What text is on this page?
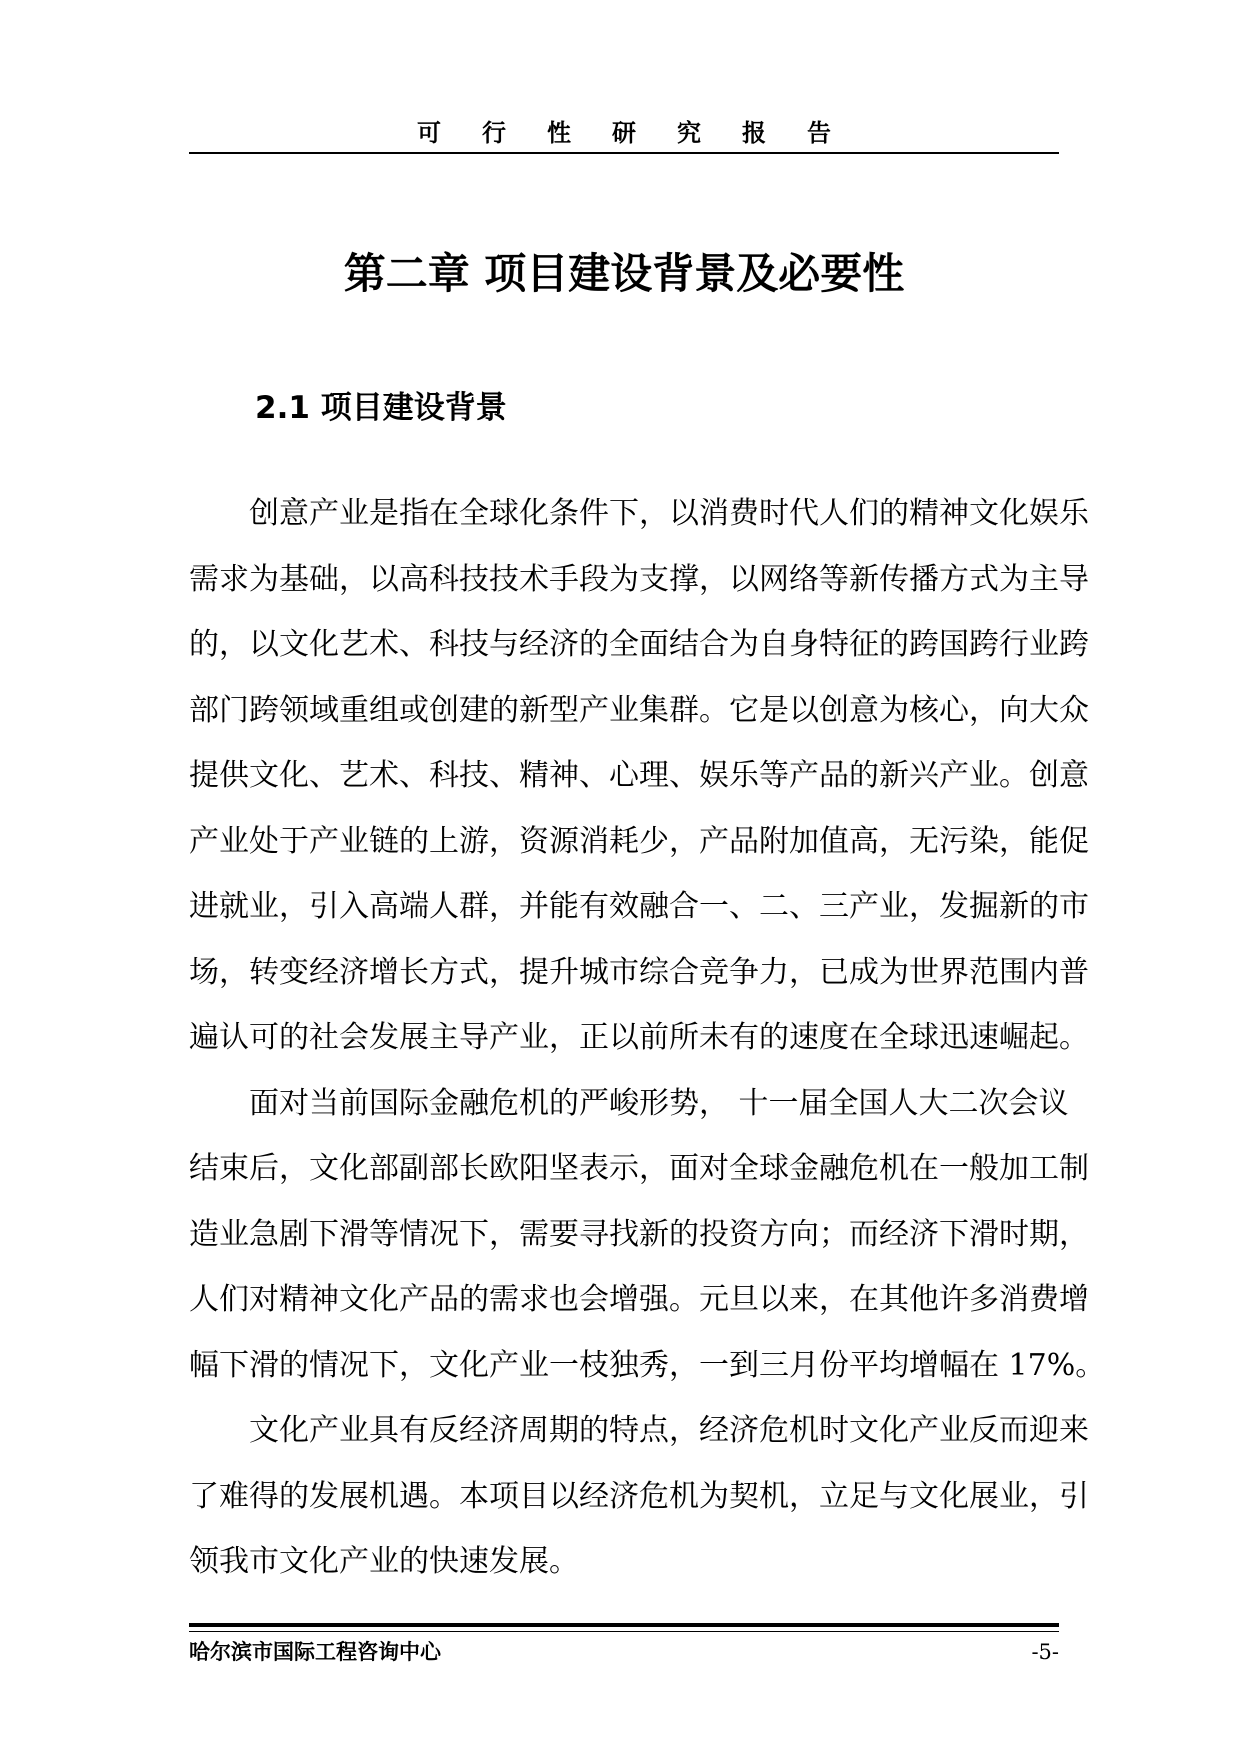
可行性研究报告
第二章 项目建设背景及必要性
2.1 项目建设背景
创意产业是指在全球化条件下，以消费时代人们的精神文化娱乐
需求为基础，以高科技技术手段为支撑，以网络等新传播方式为主导
的，以文化艺术、科技与经济的全面结合为自身特征的跨国跨行业跨
部门跨领域重组或创建的新型产业集群。它是以创意为核心，向大众
提供文化、艺术、科技、精神、心理、娱乐等产品的新兴产业。创意
产业处于产业链的上游，资源消耗少，产品附加值高，无污染，能促
进就业，引入高端人群，并能有效融合一、二、三产业，发掘新的市
场，转变经济增长方式，提升城市综合竞争力，已成为世界范围内普
遍认可的社会发展主导产业，正以前所未有的速度在全球迅速崛起。
面对当前国际金融危机的严峻形势， 十一届全国人大二次会议
结束后，文化部副部长欧阳坚表示，面对全球金融危机在一般加工制
造业急剧下滑等情况下，需要寻找新的投资方向；而经济下滑时期，
人们对精神文化产品的需求也会增强。元旦以来，在其他许多消费增
幅下滑的情况下，文化产业一枝独秀，一到三月份平均增幅在 17%。
文化产业具有反经济周期的特点，经济危机时文化产业反而迎来
了难得的发展机遇。本项目以经济危机为契机，立足与文化展业，引
领我市文化产业的快速发展。
哈尔滨市国际工程咨询中心	-5-
